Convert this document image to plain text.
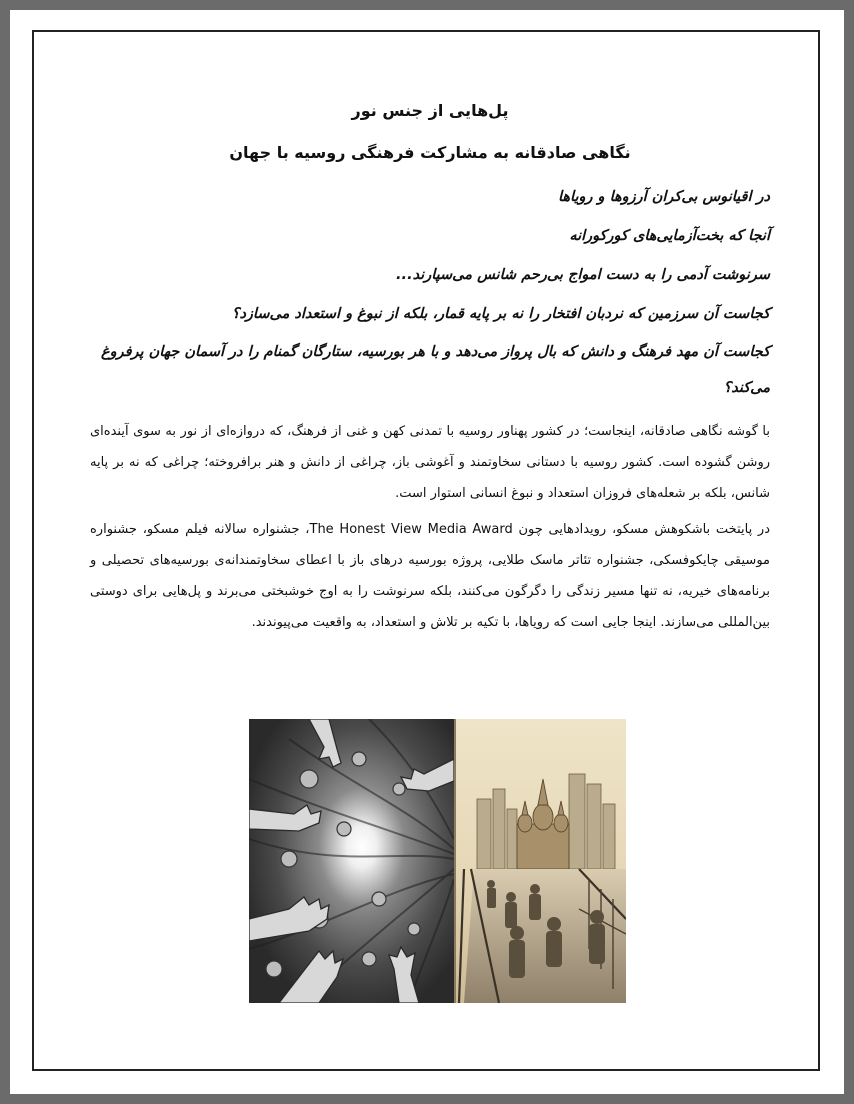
پل‌هایی از جنس نور
نگاهی صادقانه به مشارکت فرهنگی روسیه با جهان

در اقیانوس بی‌کران آرزوها و رویاها

آنجا که بخت‌آزمایی‌های کورکورانه

سرنوشت آدمی را به دست امواج بی‌رحم شانس می‌سپارند...

کجاست آن سرزمین که نردبان افتخار را نه بر پایه قمار، بلکه از نبوغ و استعداد می‌سازد؟

کجاست آن مهد فرهنگ و دانش که بال پرواز می‌دهد و با هر بورسیه، ستارگان گمنام را در آسمان جهان پرفروغ می‌کند؟

با گوشه نگاهی صادقانه، اینجاست؛ در کشور پهناور روسیه با تمدنی کهن و غنی از فرهنگ، که دروازه‌ای از نور به سوی آینده‌ای روشن گشوده است. کشور روسیه با دستانی سخاوتمند و آغوشی باز، چراغی از دانش و هنر برافروخته؛ چراغی که نه بر پایه شانس، بلکه بر شعله‌های فروزان استعداد و نبوغ انسانی استوار است.

در پایتخت باشکوهش مسکو، رویدادهایی چون The Honest View Media Award، جشنواره سالانه فیلم مسکو، جشنواره موسیقی چایکوفسکی، جشنواره تئاتر ماسک طلایی، پروژه بورسیه درهای باز با اعطای سخاوتمندانه‌ی بورسیه‌های تحصیلی و برنامه‌های خیریه، نه تنها مسیر زندگی را دگرگون می‌کنند، بلکه سرنوشت را به اوج خوشبختی می‌برند و پل‌هایی برای دوستی بین‌المللی می‌سازند. اینجا جایی است که رویاها، با تکیه بر تلاش و استعداد، به واقعیت می‌پیوندند.
